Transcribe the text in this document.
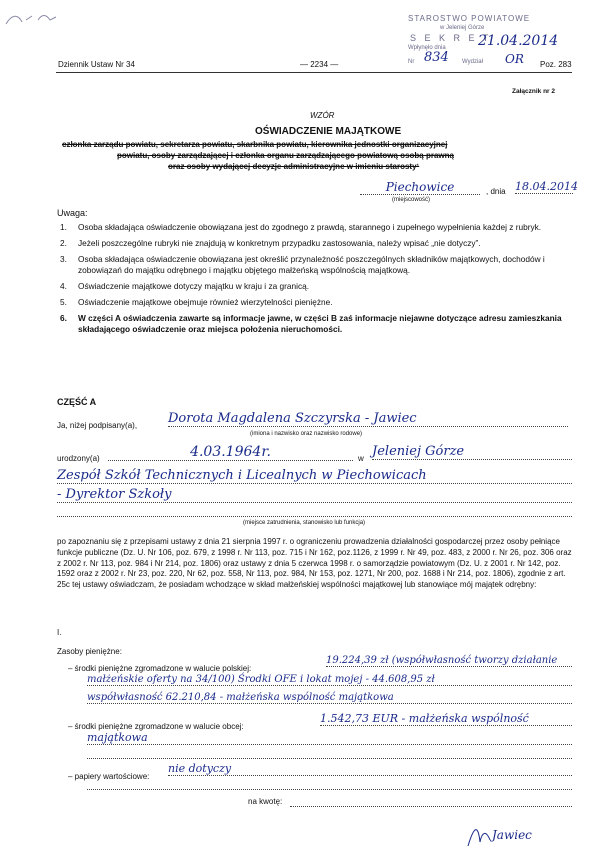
STAROSTWO POWIATOWE
w Jeleniej Górze
S E K R E T
Wpłynęło dnia 21.04.2014
Nr 834 Wydział OR
Dziennik Ustaw Nr 34	— 2234 —	Poz. 283
Załącznik nr 2
WZÓR
OŚWIADCZENIE MAJĄTKOWE
członka zarządu powiatu, sekretarza powiatu, skarbnika powiatu, kierownika jednostki organizacyjnej
powiatu, osoby zarządzającej i członka organu zarządzającego powiatową osobą prawną
oraz osoby wydającej decyzje administracyjne w imieniu starosty¹
Piechowice
(miejscowość)
, dnia 18.04.2014
Uwaga:
1. Osoba składająca oświadczenie obowiązana jest do zgodnego z prawdą, starannego i zupełnego wypełnienia każdej z rubryk.
2. Jeżeli poszczególne rubryki nie znajdują w konkretnym przypadku zastosowania, należy wpisać „nie dotyczy”.
3. Osoba składająca oświadczenie obowiązana jest określić przynależność poszczególnych składników majątkowych, dochodów i zobowiązań do majątku odrębnego i majątku objętego małżeńską wspólnością majątkową.
4. Oświadczenie majątkowe dotyczy majątku w kraju i za granicą.
5. Oświadczenie majątkowe obejmuje również wierzytelności pieniężne.
6. W części A oświadczenia zawarte są informacje jawne, w części B zaś informacje niejawne dotyczące adresu zamieszkania składającego oświadczenie oraz miejsca położenia nieruchomości.
CZĘŚĆ A
Ja, niżej podpisany(a), Dorota Magdalena Szczyrska - Jawiec
(imiona i nazwisko oraz nazwisko rodowe)
urodzony(a)	4.03.1964r.	w Jeleniej Górze
Zespół Szkół Technicznych i Licealnych w Piechowicach
- Dyrektor Szkoły
(miejsce zatrudnienia, stanowisko lub funkcja)
po zapoznaniu się z przepisami ustawy z dnia 21 sierpnia 1997 r. o ograniczeniu prowadzenia działalności gospodarczej przez osoby pełniące funkcje publiczne (Dz. U. Nr 106, poz. 679, z 1998 r. Nr 113, poz. 715 i Nr 162, poz.1126, z 1999 r. Nr 49, poz. 483, z 2000 r. Nr 26, poz. 306 oraz z 2002 r. Nr 113, poz. 984 i Nr 214, poz. 1806) oraz ustawy z dnia 5 czerwca 1998 r. o samorządzie powiatowym (Dz. U. z 2001 r. Nr 142, poz. 1592 oraz z 2002 r. Nr 23, poz. 220, Nr 62, poz. 558, Nr 113, poz. 984, Nr 153, poz. 1271, Nr 200, poz. 1688 i Nr 214, poz. 1806), zgodnie z art. 25c tej ustawy oświadczam, że posiadam wchodzące w skład małżeńskiej wspólności majątkowej lub stanowiące mój majątek odrębny:
I.
Zasoby pieniężne:
– środki pieniężne zgromadzone w walucie polskiej:
19.224,39 zł (współwłasność tworzy działanie
małżeńskie oferty na 34/100) Środki OFE i lokat mojej - 44.608,95 zł
współwłasność 62.210,84 - małżeńska wspólność majątkowa
– środki pieniężne zgromadzone w walucie obcej:
1.542,73 EUR - małżeńska wspólność
majątkowa
– papiery wartościowe:
nie dotyczy
na kwotę:
Jawiec
